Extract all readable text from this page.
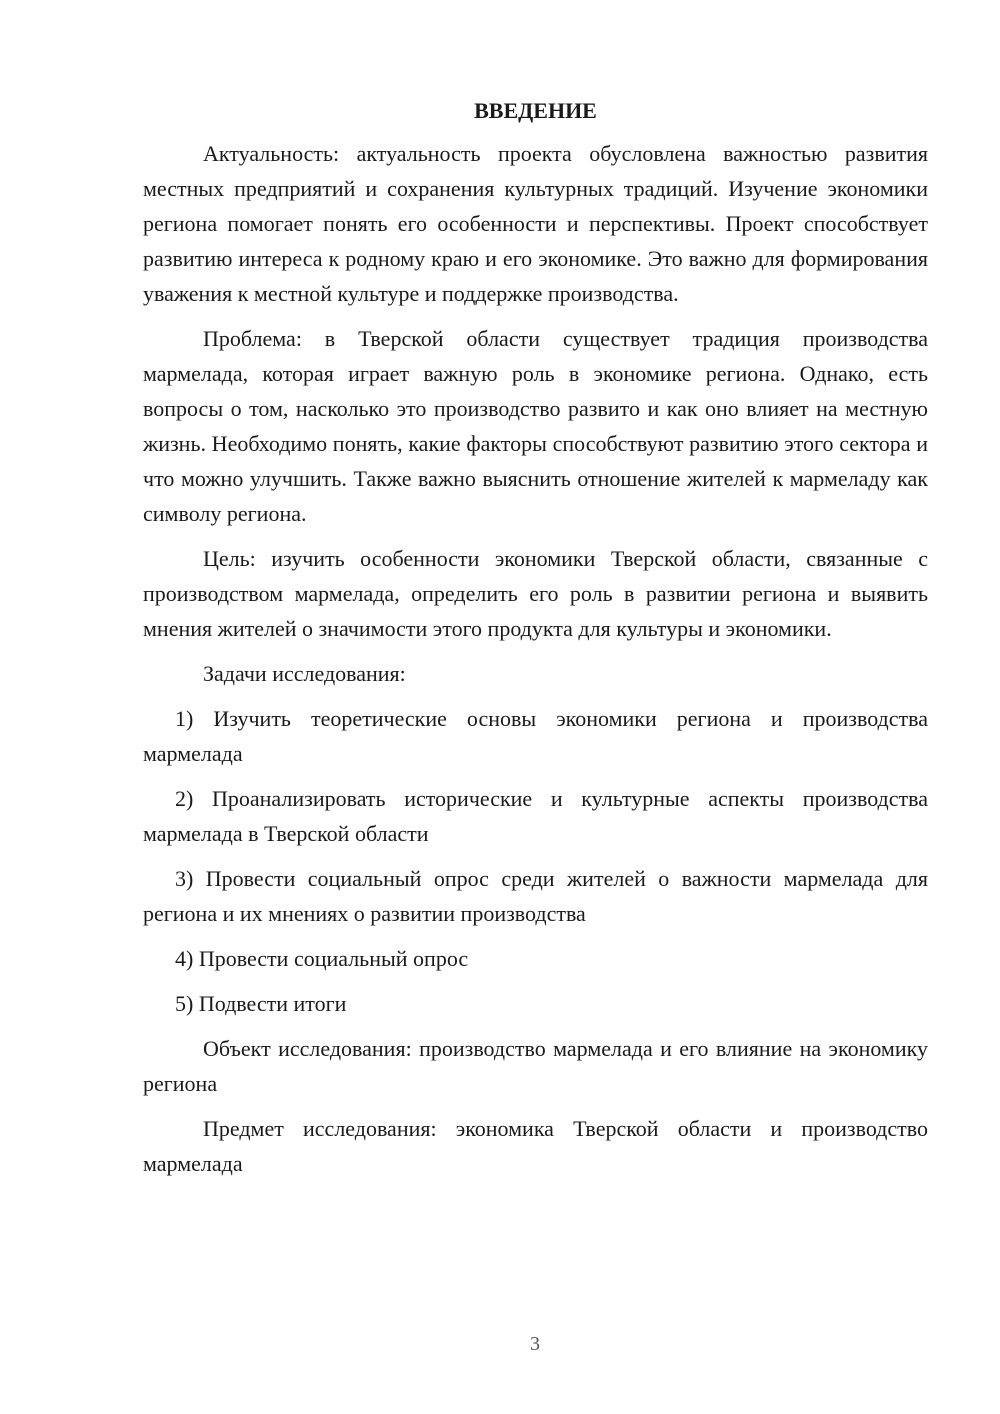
ВВЕДЕНИЕ

Актуальность: актуальность проекта обусловлена важностью развития местных предприятий и сохранения культурных традиций. Изучение экономики региона помогает понять его особенности и перспективы. Проект способствует развитию интереса к родному краю и его экономике. Это важно для формирования уважения к местной культуре и поддержке производства.

Проблема: в Тверской области существует традиция производства мармелада, которая играет важную роль в экономике региона. Однако, есть вопросы о том, насколько это производство развито и как оно влияет на местную жизнь. Необходимо понять, какие факторы способствуют развитию этого сектора и что можно улучшить. Также важно выяснить отношение жителей к мармеладу как символу региона.

Цель: изучить особенности экономики Тверской области, связанные с производством мармелада, определить его роль в развитии региона и выявить мнения жителей о значимости этого продукта для культуры и экономики.

Задачи исследования:

1) Изучить теоретические основы экономики региона и производства мармелада

2) Проанализировать исторические и культурные аспекты производства мармелада в Тверской области

3) Провести социальный опрос среди жителей о важности мармелада для региона и их мнениях о развитии производства

4) Провести социальный опрос

5) Подвести итоги

Объект исследования: производство мармелада и его влияние на экономику региона

Предмет исследования: экономика Тверской области и производство мармелада

3
